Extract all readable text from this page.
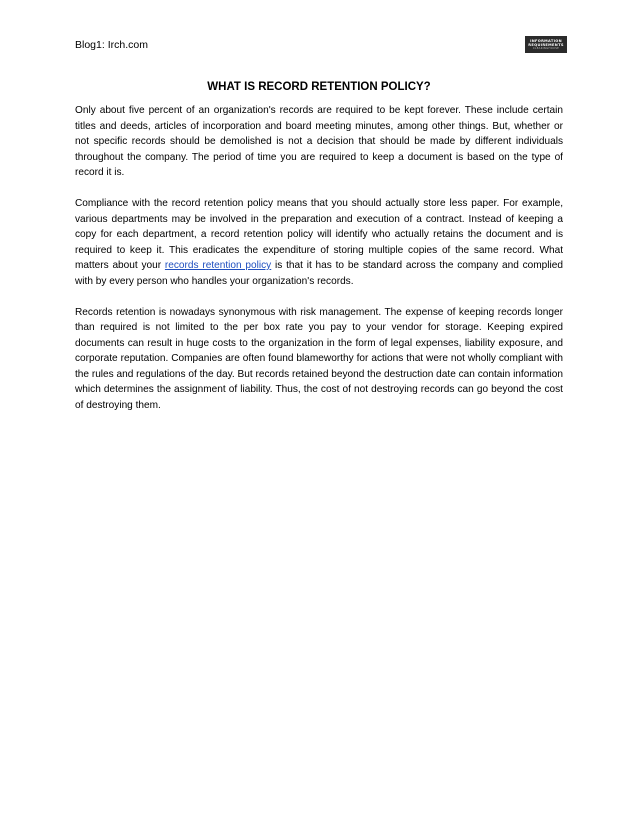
Blog1: Irch.com	INFORMATION
REQUIREMENTS
CLEARINGHOUSE
WHAT IS RECORD RETENTION POLICY?

Only about five percent of an organization's records are required to be kept forever. These include certain titles and deeds, articles of incorporation and board meeting minutes, among other things. But, whether or not specific records should be demolished is not a decision that should be made by different individuals throughout the company. The period of time you are required to keep a document is based on the type of record it is.

Compliance with the record retention policy means that you should actually store less paper. For example, various departments may be involved in the preparation and execution of a contract. Instead of keeping a copy for each department, a record retention policy will identify who actually retains the document and is required to keep it. This eradicates the expenditure of storing multiple copies of the same record. What matters about your records retention policy is that it has to be standard across the company and complied with by every person who handles your organization's records.

Records retention is nowadays synonymous with risk management. The expense of keeping records longer than required is not limited to the per box rate you pay to your vendor for storage. Keeping expired documents can result in huge costs to the organization in the form of legal expenses, liability exposure, and corporate reputation. Companies are often found blameworthy for actions that were not wholly compliant with the rules and regulations of the day. But records retained beyond the destruction date can contain information which determines the assignment of liability. Thus, the cost of not destroying records can go beyond the cost of destroying them.
